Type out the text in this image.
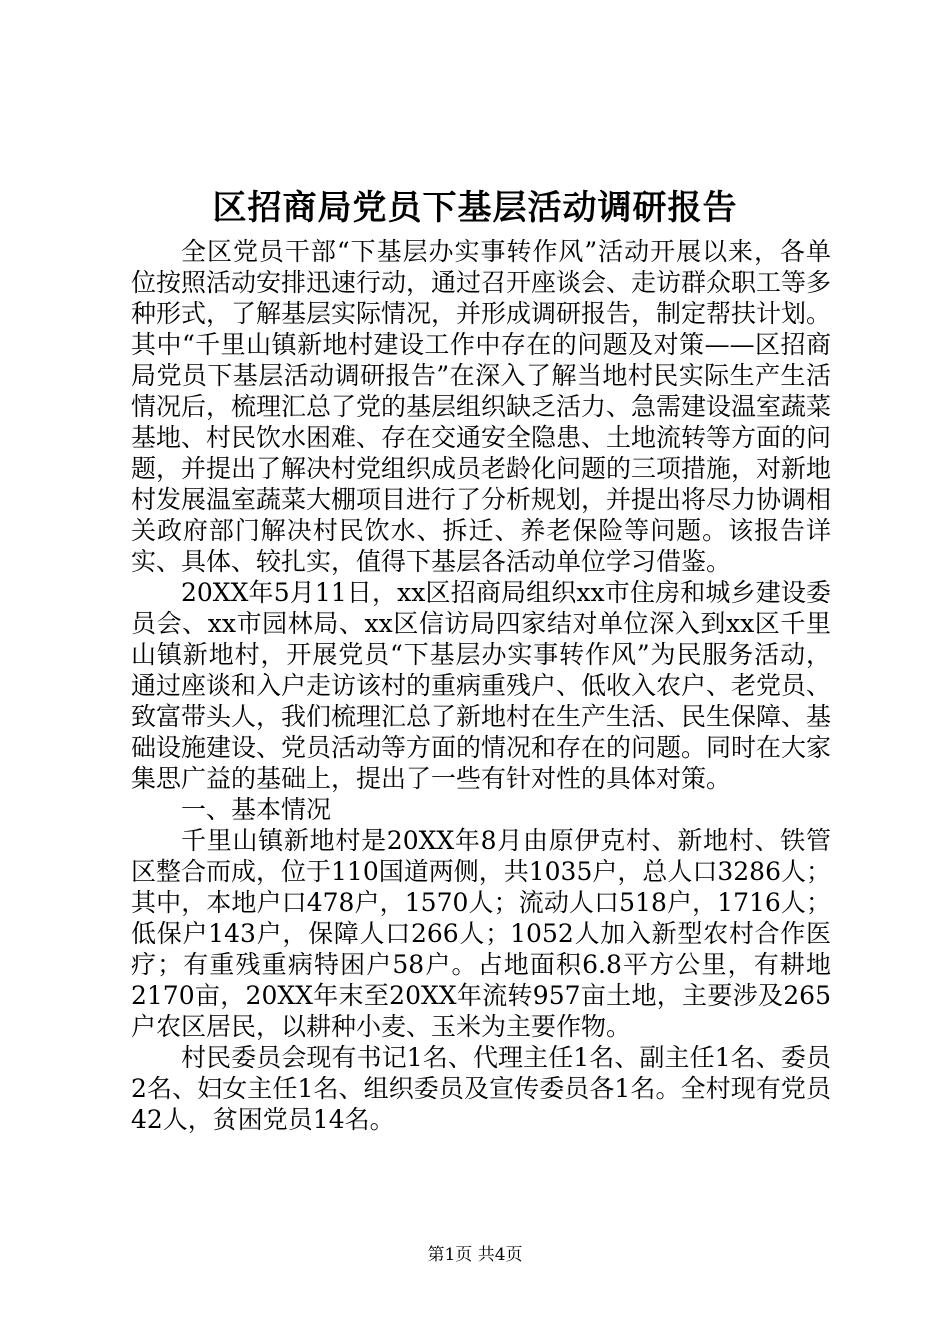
区招商局党员下基层活动调研报告

全区党员干部“下基层办实事转作风”活动开展以来，各单位按照活动安排迅速行动，通过召开座谈会、走访群众职工等多种形式，了解基层实际情况，并形成调研报告，制定帮扶计划。其中“千里山镇新地村建设工作中存在的问题及对策——区招商局党员下基层活动调研报告”在深入了解当地村民实际生产生活情况后，梳理汇总了党的基层组织缺乏活力、急需建设温室蔬菜基地、村民饮水困难、存在交通安全隐患、土地流转等方面的问题，并提出了解决村党组织成员老龄化问题的三项措施，对新地村发展温室蔬菜大棚项目进行了分析规划，并提出将尽力协调相关政府部门解决村民饮水、拆迁、养老保险等问题。该报告详实、具体、较扎实，值得下基层各活动单位学习借鉴。

20XX年5月11日，xx区招商局组织xx市住房和城乡建设委员会、xx市园林局、xx区信访局四家结对单位深入到xx区千里山镇新地村，开展党员“下基层办实事转作风”为民服务活动，通过座谈和入户走访该村的重病重残户、低收入农户、老党员、致富带头人，我们梳理汇总了新地村在生产生活、民生保障、基础设施建设、党员活动等方面的情况和存在的问题。同时在大家集思广益的基础上，提出了一些有针对性的具体对策。

一、基本情况

千里山镇新地村是20XX年8月由原伊克村、新地村、铁管区整合而成，位于110国道两侧，共1035户，总人口3286人；其中，本地户口478户，1570人；流动人口518户，1716人；低保户143户，保障人口266人；1052人加入新型农村合作医疗；有重残重病特困户58户。占地面积6.8平方公里，有耕地2170亩，20XX年末至20XX年流转957亩土地，主要涉及265户农区居民，以耕种小麦、玉米为主要作物。

村民委员会现有书记1名、代理主任1名、副主任1名、委员2名、妇女主任1名、组织委员及宣传委员各1名。全村现有党员42人，贫困党员14名。

第1页 共4页
